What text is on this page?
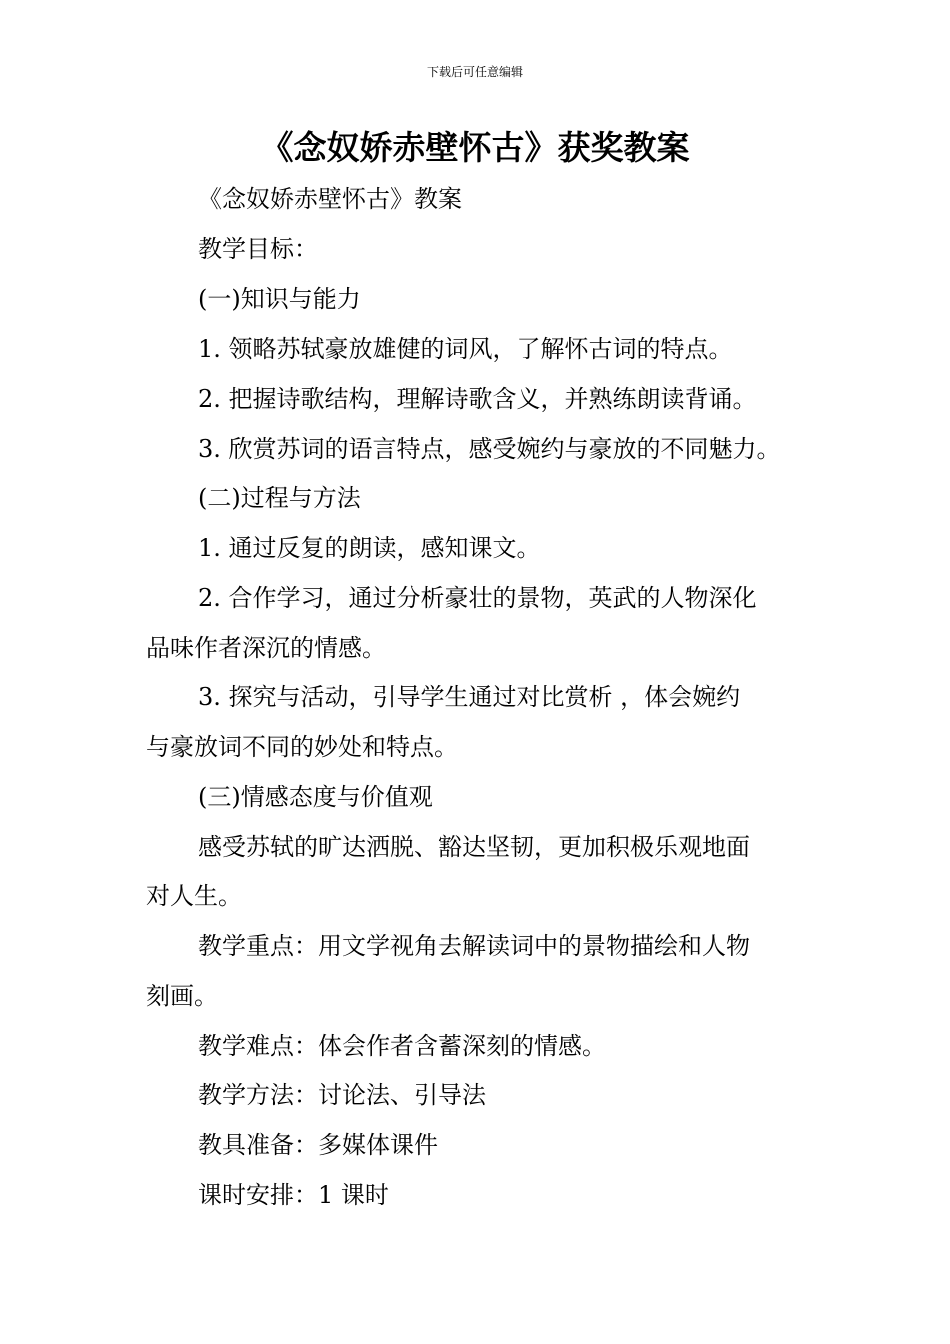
下载后可任意编辑
《念奴娇赤壁怀古》获奖教案

《念奴娇赤壁怀古》教案

教学目标：

(一)知识与能力

1. 领略苏轼豪放雄健的词风，了解怀古词的特点。

2. 把握诗歌结构，理解诗歌含义，并熟练朗读背诵。

3. 欣赏苏词的语言特点，感受婉约与豪放的不同魅力。

(二)过程与方法

1. 通过反复的朗读，感知课文。

2. 合作学习，通过分析豪壮的景物，英武的人物深化

品味作者深沉的情感。

3. 探究与活动，引导学生通过对比赏析 ，体会婉约

与豪放词不同的妙处和特点。

(三)情感态度与价值观

感受苏轼的旷达洒脱、豁达坚韧，更加积极乐观地面

对人生。

教学重点：用文学视角去解读词中的景物描绘和人物

刻画。

教学难点：体会作者含蓄深刻的情感。

教学方法：讨论法、引导法

教具准备：多媒体课件

课时安排：1 课时
